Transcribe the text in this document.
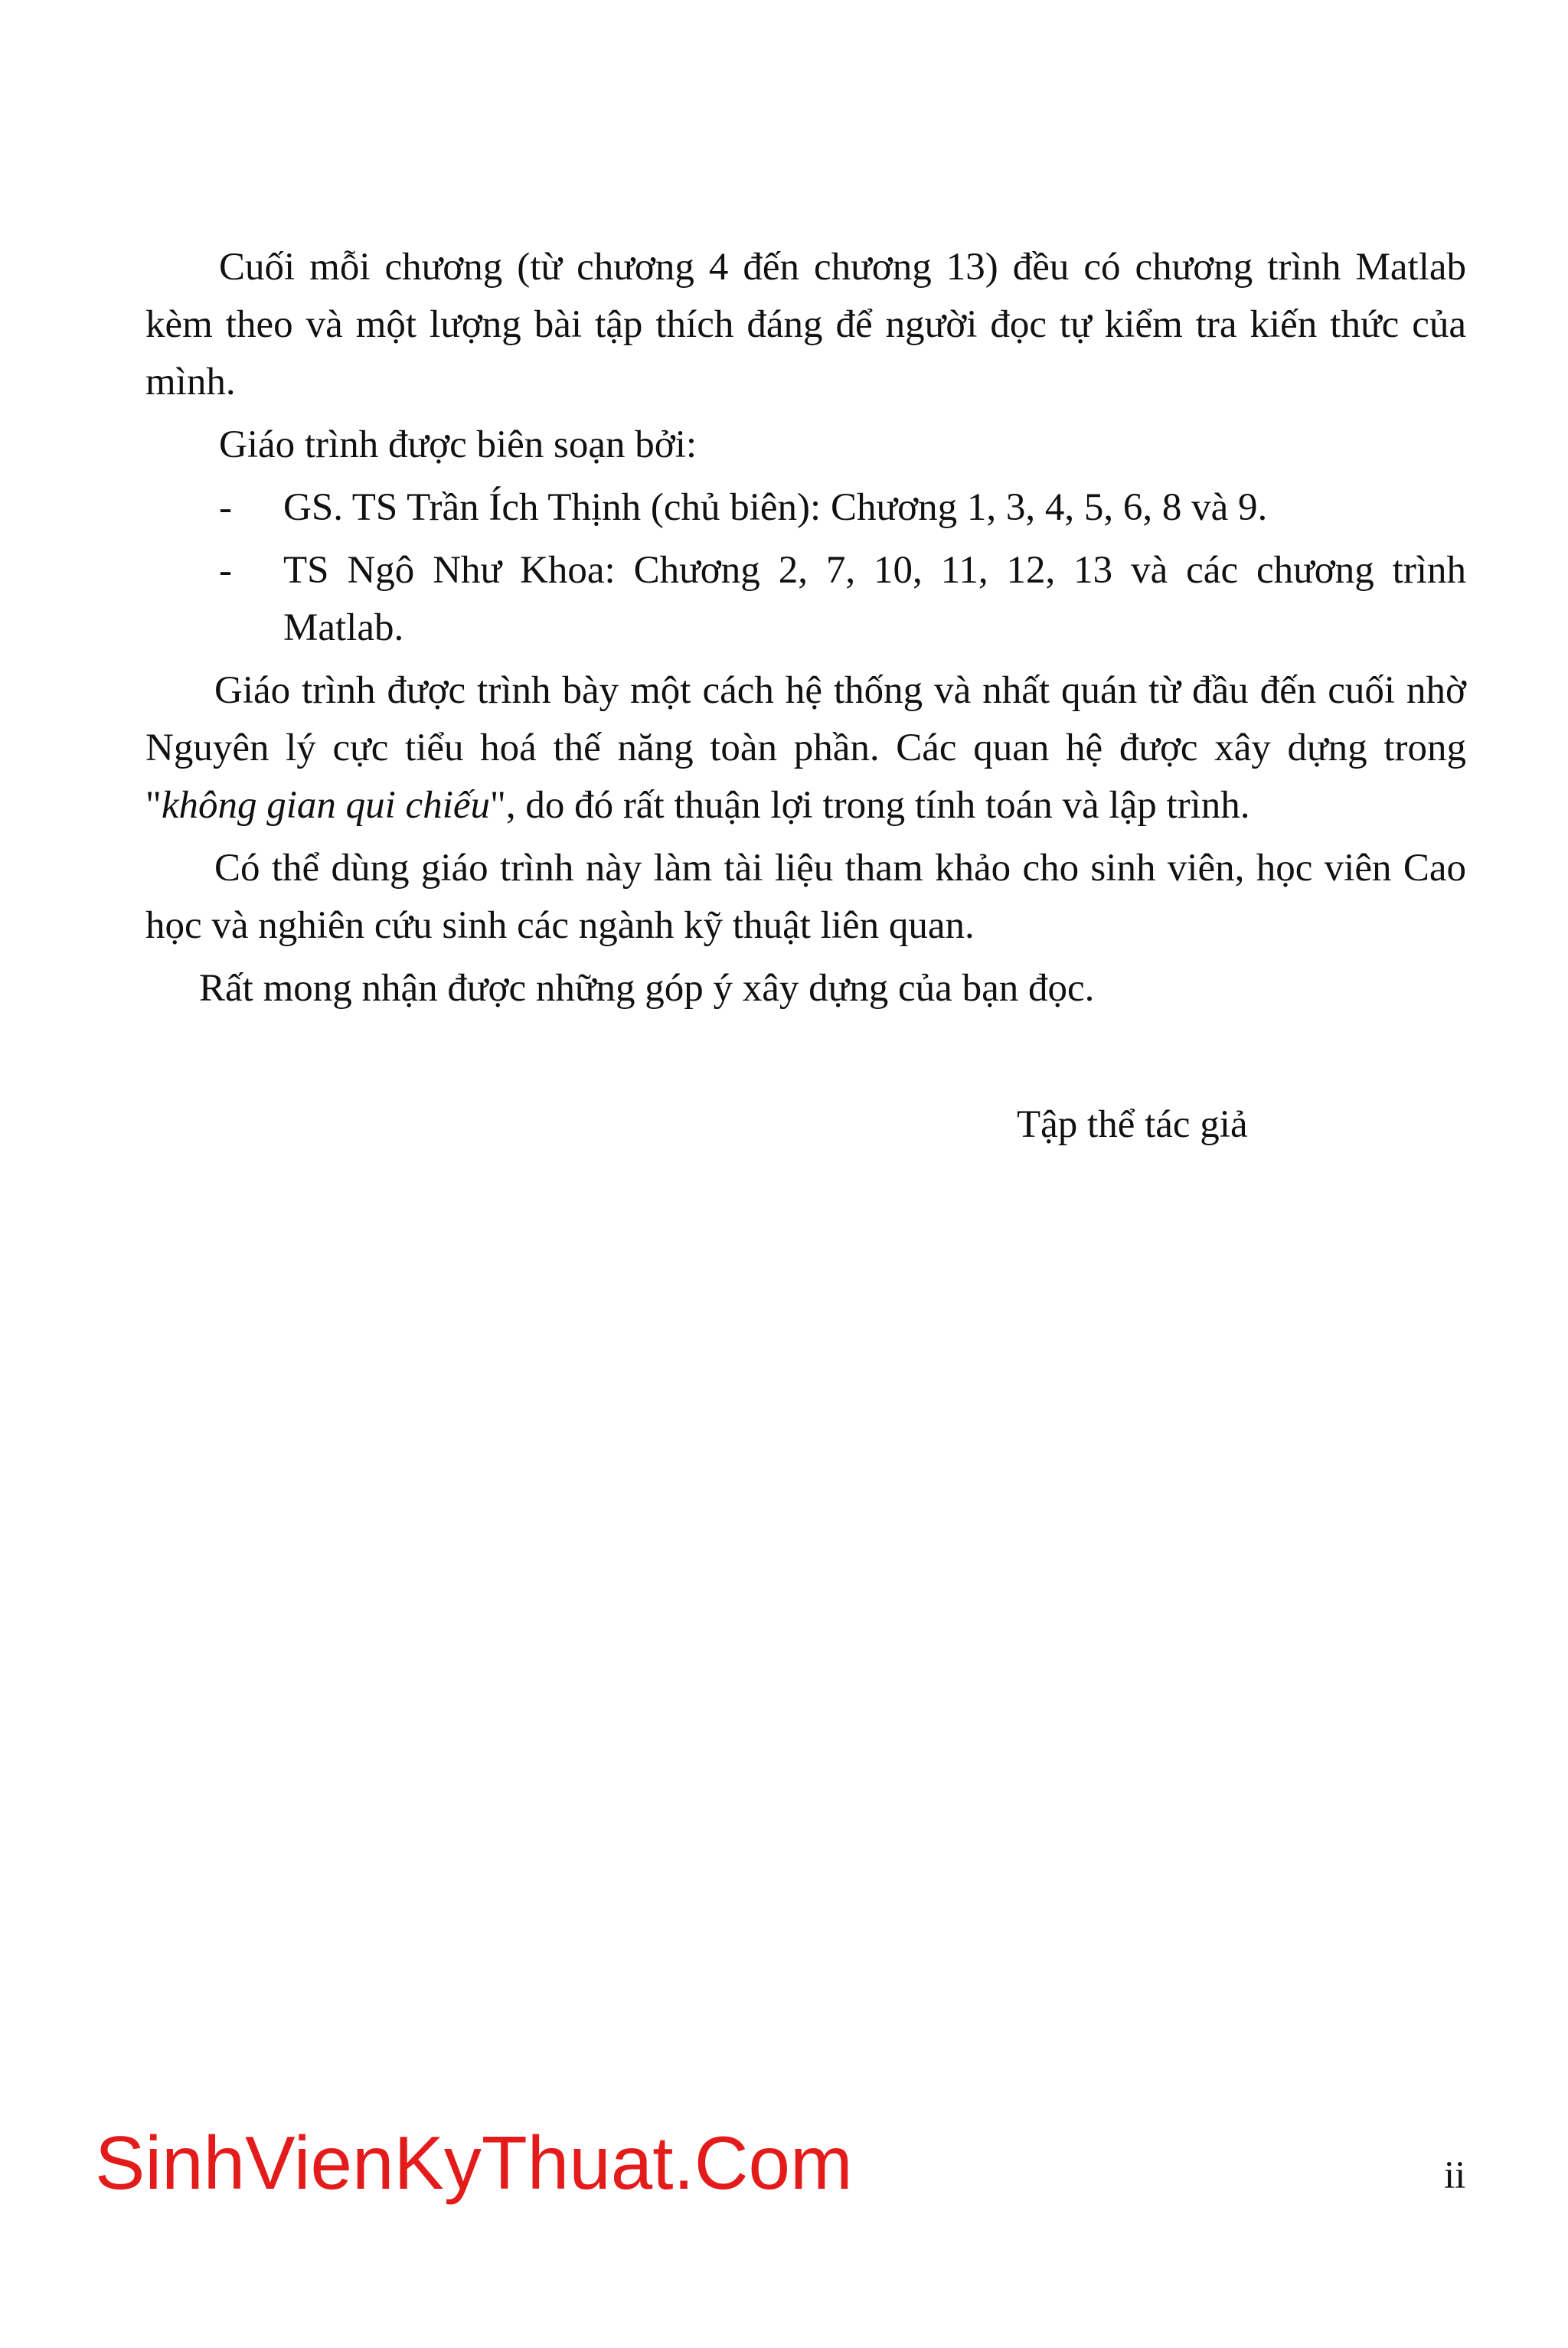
Cuối mỗi chương (từ chương 4 đến chương 13) đều có chương trình Matlab kèm theo và một lượng bài tập thích đáng để người đọc tự kiểm tra kiến thức của mình.

Giáo trình được biên soạn bởi:

- GS. TS Trần Ích Thịnh (chủ biên): Chương 1, 3, 4, 5, 6, 8 và 9.
- TS Ngô Như Khoa: Chương 2, 7, 10, 11, 12, 13 và các chương trình Matlab.

Giáo trình được trình bày một cách hệ thống và nhất quán từ đầu đến cuối nhờ Nguyên lý cực tiểu hoá thế năng toàn phần. Các quan hệ được xây dựng trong "không gian qui chiếu", do đó rất thuận lợi trong tính toán và lập trình.

Có thể dùng giáo trình này làm tài liệu tham khảo cho sinh viên, học viên Cao học và nghiên cứu sinh các ngành kỹ thuật liên quan.

Rất mong nhận được những góp ý xây dựng của bạn đọc.

Tập thể tác giả
SinhVienKyThuat.Com	ii
